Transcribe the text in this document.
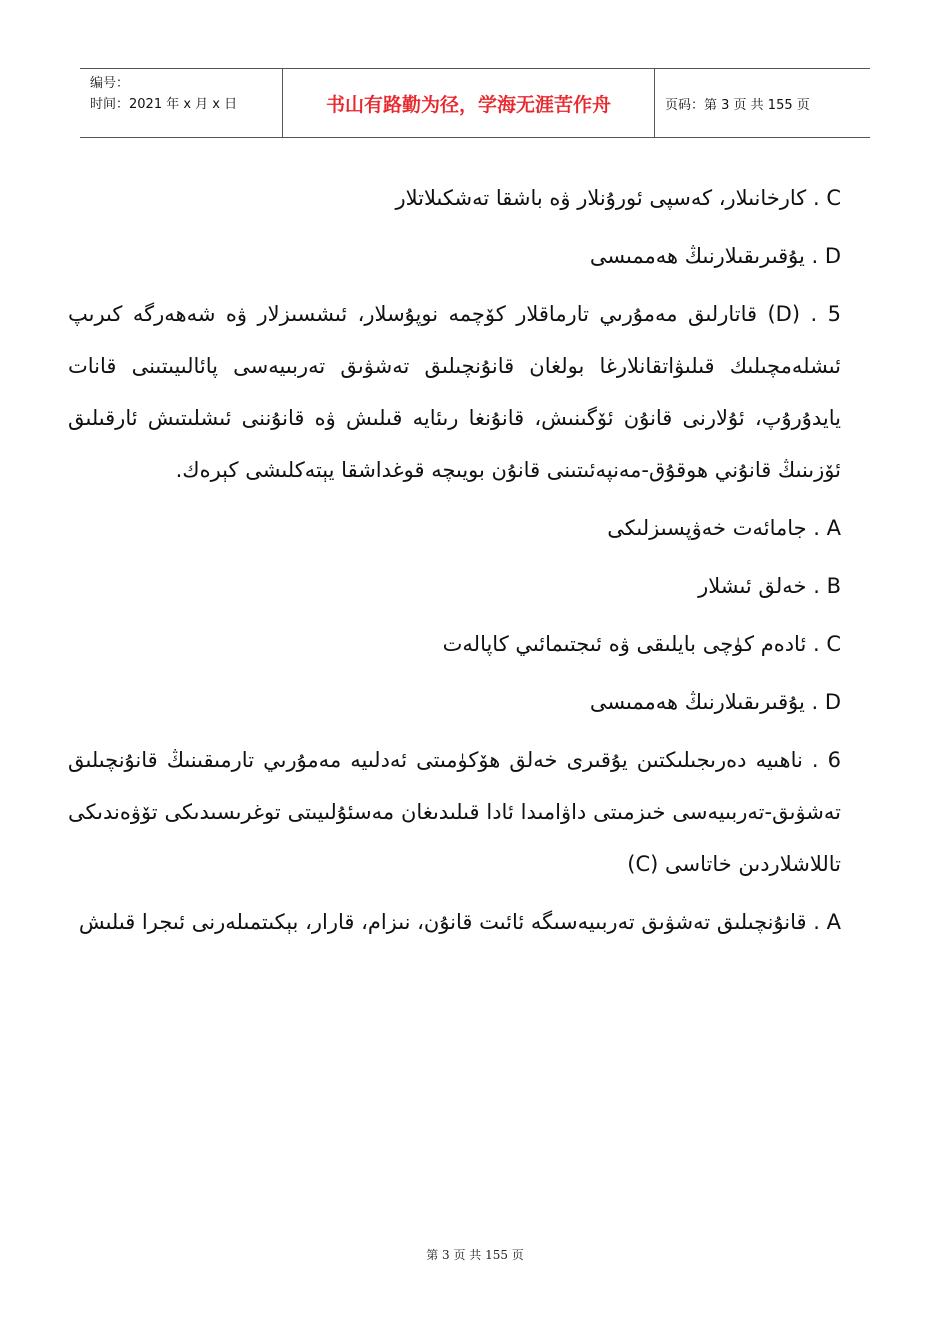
编号：
时间：2021 年 x 月 x 日	书山有路勤为径，学海无涯苦作舟	页码：第 3 页 共 155 页

C . كارخانىلار، كەسپى ئورۇنلار ۋە باشقا تەشكىلاتلار

D . يۇقىرىقىلارنىڭ ھەممىسى

5 . (D) قاتارلىق مەمۇرىي تارماقلار كۆچمە نوپۇسلار، ئىشسىزلار ۋە شەھەرگە كىرىپ ئىشلەمچىلىك قىلىۋاتقانلارغا بولغان قانۇنچىلىق تەشۋىق تەربىيەسى پائالىيىتىنى قانات يايدۇرۇپ، ئۇلارنى قانۇن ئۆگىنىش، قانۇنغا رىئايە قىلىش ۋە قانۇننى ئىشلىتىش ئارقىلىق ئۆزىنىڭ قانۇني ھوقۇق-مەنپەئىتىنى قانۇن بويىچە قوغداشقا يېتەكلىشى كېرەك.

A . جامائەت خەۋپسىزلىكى

B . خەلق ئىشلار

C . ئادەم كۈچى بايلىقى ۋە ئىجتىمائىي كاپالەت

D . يۇقىرىقىلارنىڭ ھەممىسى

6 . ناھىيە دەرىجىلىكتىن يۇقىرى خەلق ھۆكۈمىتى ئەدلىيە مەمۇرىي تارمىقىنىڭ قانۇنچىلىق تەشۋىق-تەربىيەسى خىزمىتى داۋامىدا ئادا قىلىدىغان مەسئۇلىيىتى توغرىسىدىكى تۆۋەندىكى تاللاشلاردىن خاتاسى (C)

A . قانۇنچىلىق تەشۋىق تەربىيەسىگە ئائىت قانۇن، نىزام، قارار، بېكىتمىلەرنى ئىجرا قىلىش

第 3 页 共 155 页
